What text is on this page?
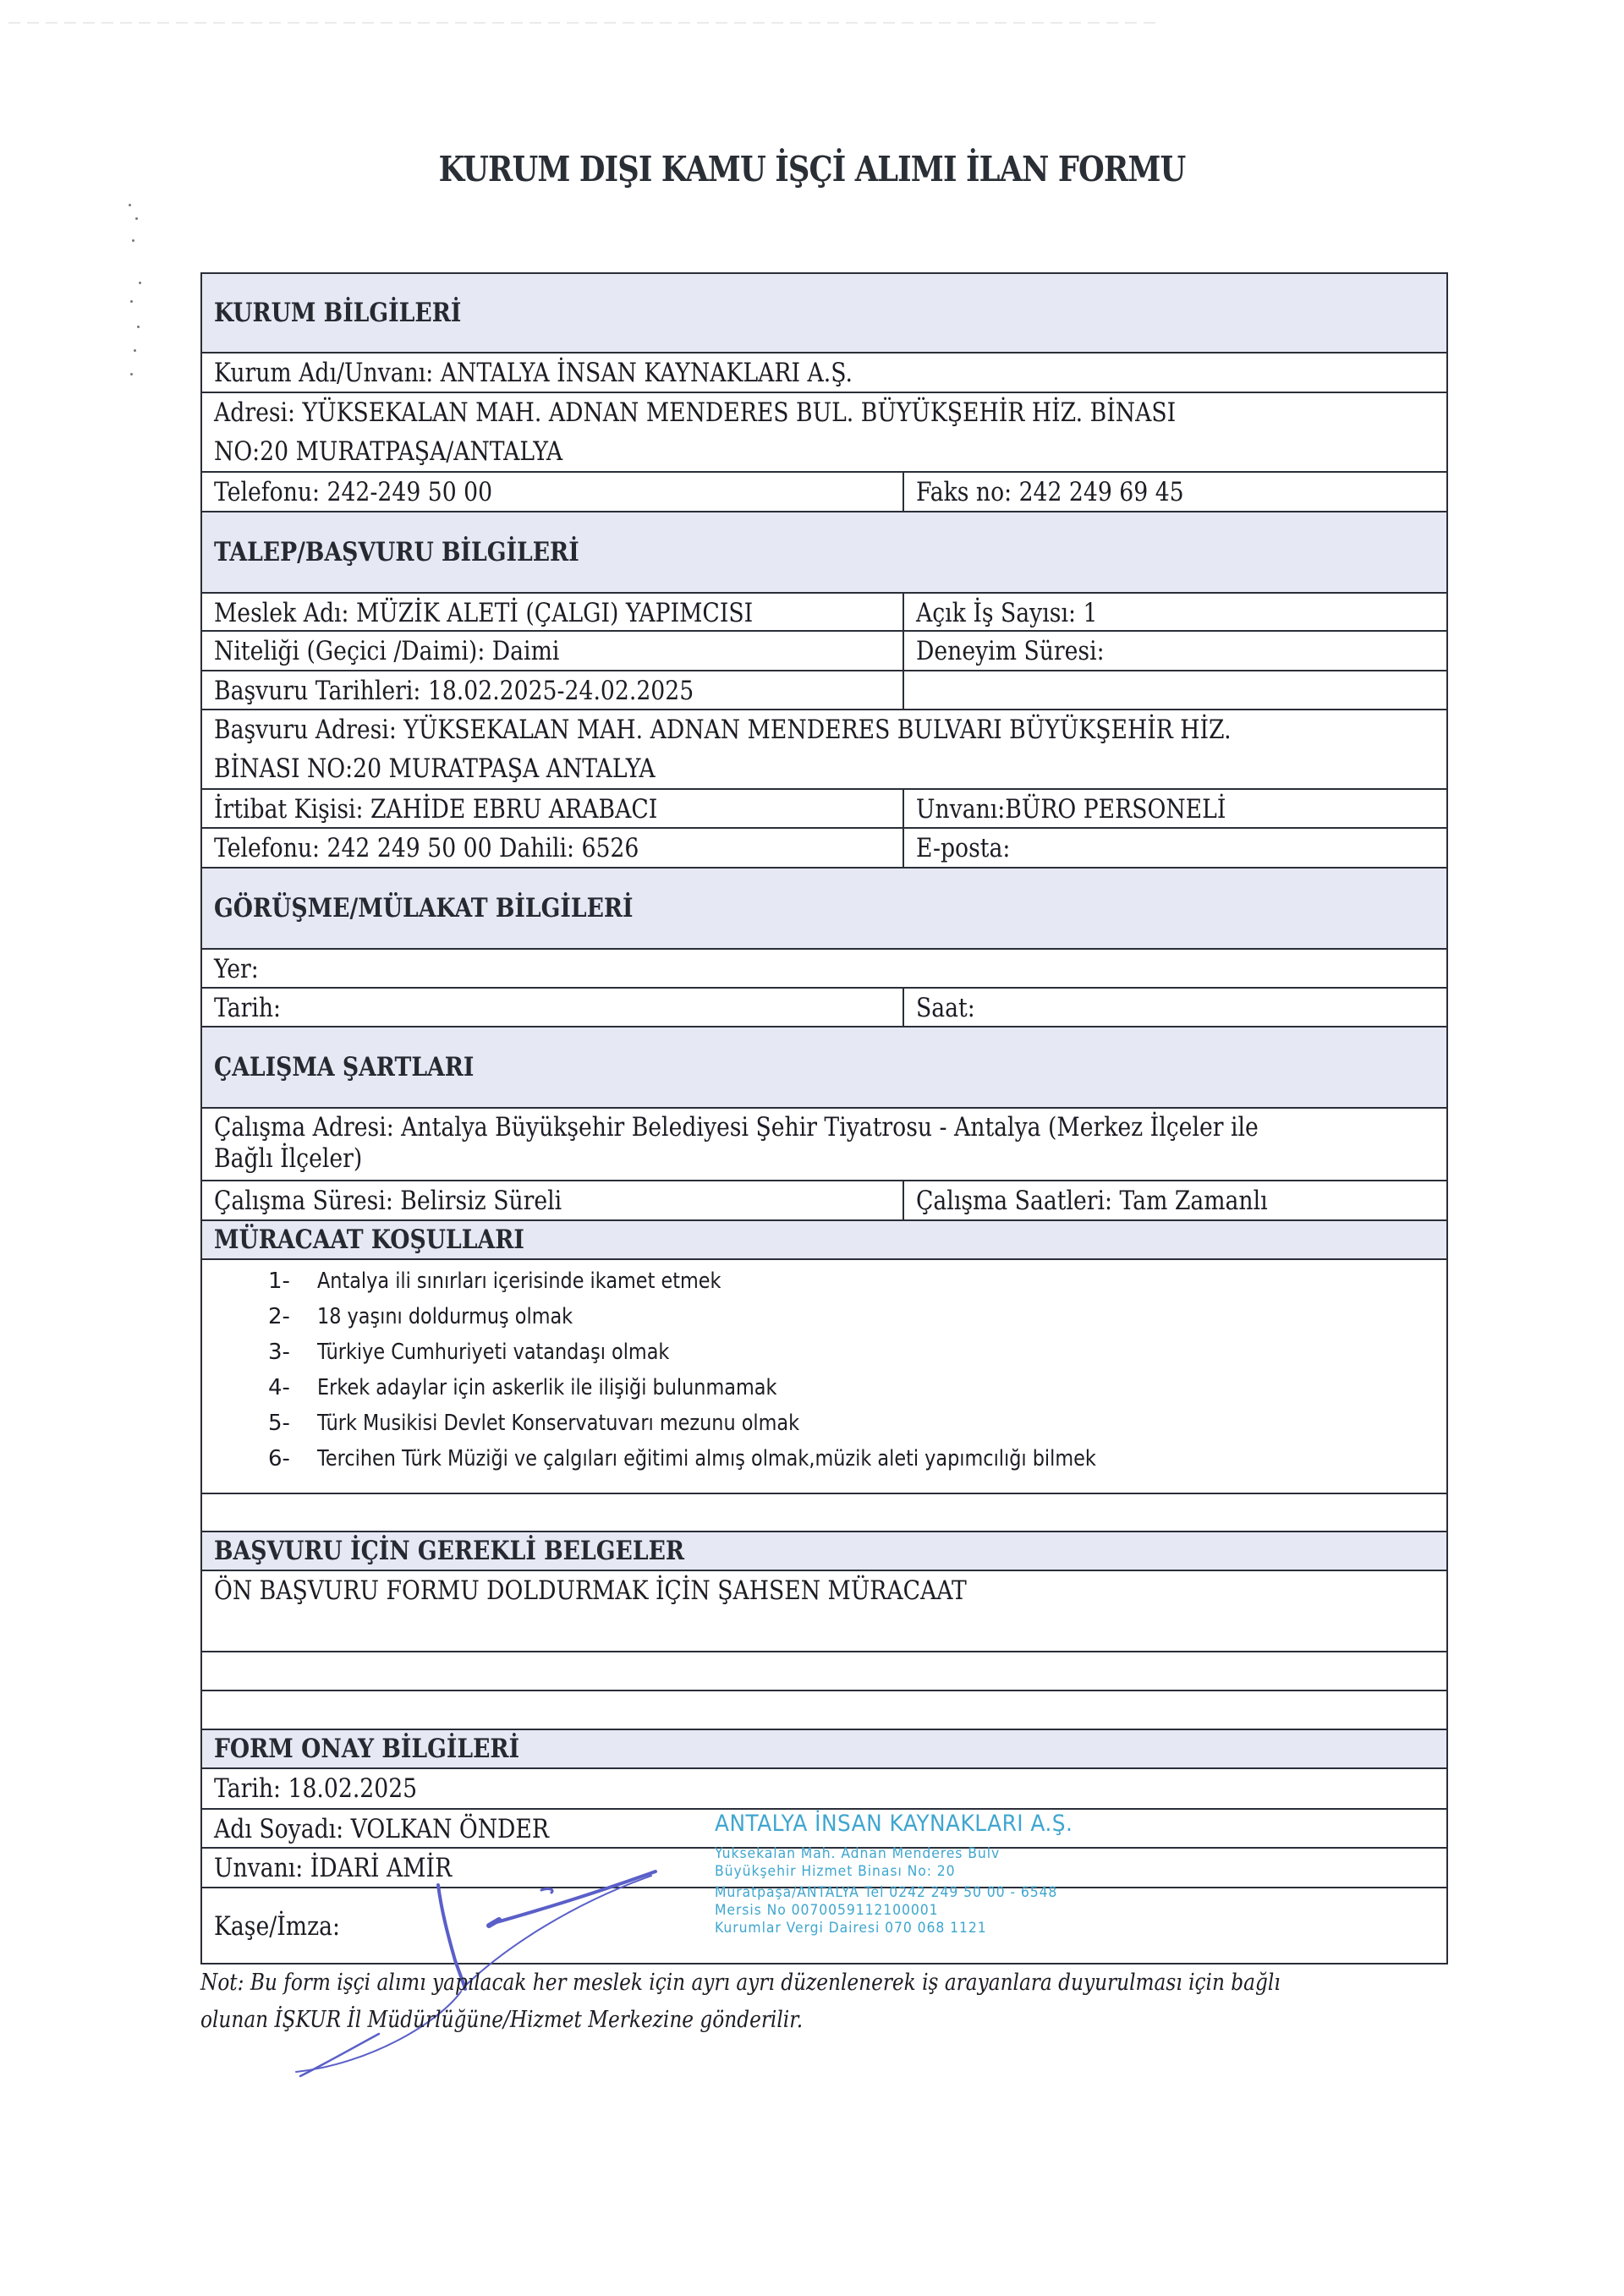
KURUM DIŞI KAMU İŞÇİ ALIMI İLAN FORMU
KURUM BİLGİLERİ
Kurum Adı/Unvanı: ANTALYA İNSAN KAYNAKLARI A.Ş.
Adresi: YÜKSEKALAN MAH. ADNAN MENDERES BUL. BÜYÜKŞEHİR HİZ. BİNASI
NO:20 MURATPAŞA/ANTALYA
Telefonu: 242-249 50 00	Faks no: 242 249 69 45
TALEP/BAŞVURU BİLGİLERİ
Meslek Adı: MÜZİK ALETİ (ÇALGI) YAPIMCISI	Açık İş Sayısı: 1
Niteliği (Geçici /Daimi): Daimi	Deneyim Süresi:
Başvuru Tarihleri: 18.02.2025-24.02.2025
Başvuru Adresi: YÜKSEKALAN MAH. ADNAN MENDERES BULVARI BÜYÜKŞEHİR HİZ.
BİNASI NO:20 MURATPAŞA ANTALYA
İrtibat Kişisi: ZAHİDE EBRU ARABACI	Unvanı:BÜRO PERSONELİ
Telefonu: 242 249 50 00 Dahili: 6526	E-posta:
GÖRÜŞME/MÜLAKAT BİLGİLERİ
Yer:
Tarih:	Saat:
ÇALIŞMA ŞARTLARI
Çalışma Adresi: Antalya Büyükşehir Belediyesi Şehir Tiyatrosu - Antalya (Merkez İlçeler ile
Bağlı İlçeler)
Çalışma Süresi: Belirsiz Süreli	Çalışma Saatleri: Tam Zamanlı
MÜRACAAT KOŞULLARI
1- Antalya ili sınırları içerisinde ikamet etmek
2- 18 yaşını doldurmuş olmak
3- Türkiye Cumhuriyeti vatandaşı olmak
4- Erkek adaylar için askerlik ile ilişiği bulunmamak
5- Türk Musikisi Devlet Konservatuvarı mezunu olmak
6- Tercihen Türk Müziği ve çalgıları eğitimi almış olmak,müzik aleti yapımcılığı bilmek
BAŞVURU İÇİN GEREKLİ BELGELER
ÖN BAŞVURU FORMU DOLDURMAK İÇİN ŞAHSEN MÜRACAAT
FORM ONAY BİLGİLERİ
Tarih: 18.02.2025
Adı Soyadı: VOLKAN ÖNDER
Unvanı: İDARİ AMİR
Kaşe/İmza:
ANTALYA İNSAN KAYNAKLARI A.Ş.
Yuksekalan Mah. Adnan Menderes Bulv
Büyükşehir Hizmet Binası No: 20
Muratpaşa/ANTALYA Tel 0242 249 50 00 - 6548
Mersis No 0070059112100001
Kurumlar Vergi Dairesi 070 068 1121
Not: Bu form işçi alımı yapılacak her meslek için ayrı ayrı düzenlenerek iş arayanlara duyurulması için bağlı
olunan İŞKUR İl Müdürlüğüne/Hizmet Merkezine gönderilir.
